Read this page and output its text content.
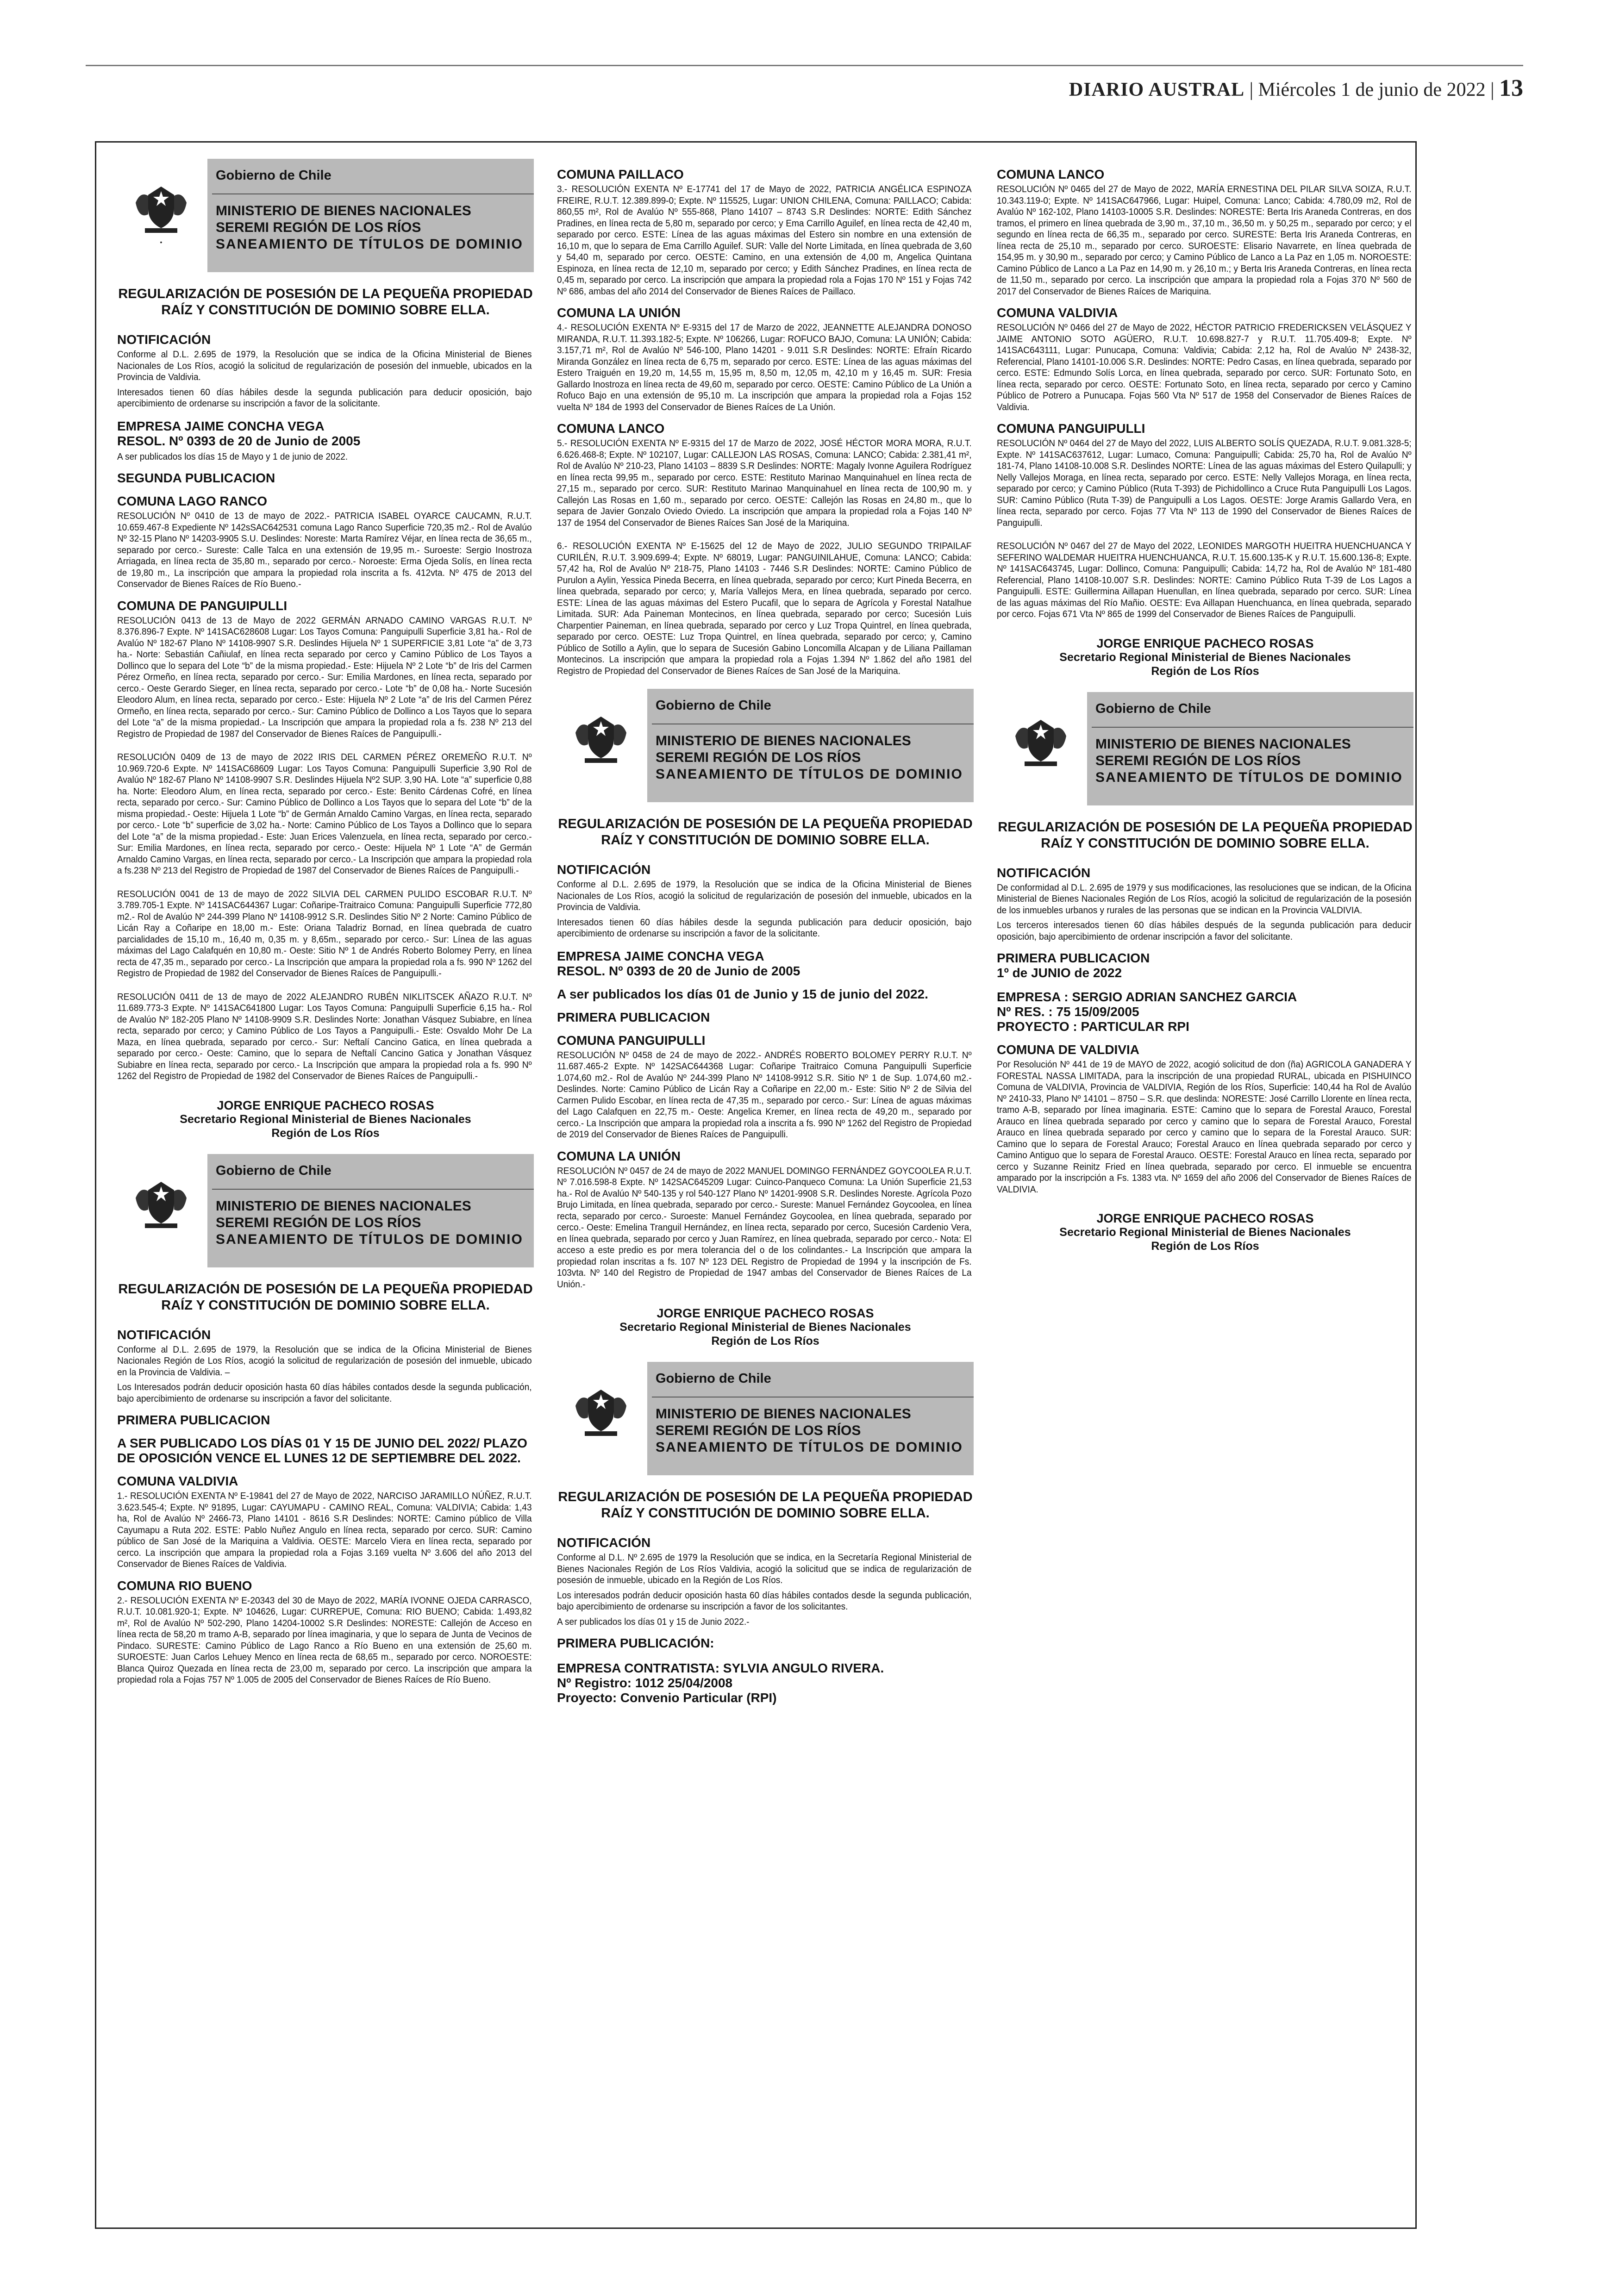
DIARIO AUSTRAL | Miércoles 1 de junio de 2022 | 13
•
Gobierno de Chile
MINISTERIO DE BIENES NACIONALES
SEREMI REGIÓN DE LOS RÍOS
SANEAMIENTO DE TÍTULOS DE DOMINIO
REGULARIZACIÓN DE POSESIÓN DE LA PEQUEÑA PROPIEDAD RAÍZ Y CONSTITUCIÓN DE DOMINIO SOBRE ELLA.
NOTIFICACIÓN
Conforme al D.L. 2.695 de 1979, la Resolución que se indica de la Oficina Ministerial de Bienes Nacionales de Los Ríos, acogió la solicitud de regularización de posesión del inmueble, ubicados en la Provincia de Valdivia.
Interesados tienen 60 días hábiles desde la segunda publicación para deducir oposición, bajo apercibimiento de ordenarse su inscripción a favor de la solicitante.
EMPRESA JAIME CONCHA VEGA
RESOL. Nº 0393 de 20 de Junio de 2005
A ser publicados los días 15 de Mayo y 1 de junio de 2022.
SEGUNDA PUBLICACION
COMUNA LAGO RANCO
RESOLUCIÓN Nº 0410 de 13 de mayo de 2022.- PATRICIA ISABEL OYARCE CAUCAMN, R.U.T. 10.659.467-8 Expediente Nº 142sSAC642531 comuna Lago Ranco Superficie 720,35 m2.- Rol de Avalúo Nº 32-15 Plano Nº 14203-9905 S.U. Deslindes: Noreste: Marta Ramírez Véjar, en línea recta de 36,65 m., separado por cerco.- Sureste: Calle Talca en una extensión de 19,95 m.- Suroeste: Sergio Inostroza Arriagada, en línea recta de 35,80 m., separado por cerco.- Noroeste: Erma Ojeda Solís, en línea recta de 19,80 m., La inscripción que ampara la propiedad rola inscrita a fs. 412vta. Nº 475 de 2013 del Conservador de Bienes Raíces de Río Bueno.-
COMUNA DE PANGUIPULLI
RESOLUCIÓN 0413 de 13 de Mayo de 2022 GERMÁN ARNADO CAMINO VARGAS R.U.T. Nº 8.376.896-7 Expte. Nº 141SAC628608 Lugar: Los Tayos Comuna: Panguipulli Superficie 3,81 ha.- Rol de Avalúo Nº 182-67 Plano Nº 14108-9907 S.R. Deslindes Hijuela Nº 1 SUPERFICIE 3,81 Lote “a” de 3,73 ha.- Norte: Sebastián Cañiulaf, en línea recta separado por cerco y Camino Público de Los Tayos a Dollinco que lo separa del Lote “b” de la misma propiedad.- Este: Hijuela Nº 2 Lote “b” de Iris del Carmen Pérez Ormeño, en línea recta, separado por cerco.- Sur: Emilia Mardones, en línea recta, separado por cerco.- Oeste Gerardo Sieger, en línea recta, separado por cerco.- Lote “b” de 0,08 ha.- Norte Sucesión Eleodoro Alum, en línea recta, separado por cerco.- Este: Hijuela Nº 2 Lote “a” de Iris del Carmen Pérez Ormeño, en línea recta, separado por cerco.- Sur: Camino Público de Dollinco a Los Tayos que lo separa del Lote “a” de la misma propiedad.- La Inscripción que ampara la propiedad rola a fs. 238 Nº 213 del Registro de Propiedad de 1987 del Conservador de Bienes Raíces de Panguipulli.-
RESOLUCIÓN 0409 de 13 de mayo de 2022 IRIS DEL CARMEN PÉREZ OREMEÑO R.U.T. Nº 10.969.720-6 Expte. Nº 141SAC68609 Lugar: Los Tayos Comuna: Panguipulli Superficie 3,90 Rol de Avalúo Nº 182-67 Plano Nº 14108-9907 S.R. Deslindes Hijuela Nº2 SUP. 3,90 HA. Lote “a” superficie 0,88 ha. Norte: Eleodoro Alum, en línea recta, separado por cerco.- Este: Benito Cárdenas Cofré, en línea recta, separado por cerco.- Sur: Camino Público de Dollinco a Los Tayos que lo separa del Lote “b” de la misma propiedad.- Oeste: Hijuela 1 Lote “b” de Germán Arnaldo Camino Vargas, en línea recta, separado por cerco.- Lote “b” superficie de 3,02 ha.- Norte: Camino Público de Los Tayos a Dollinco que lo separa del Lote “a” de la misma propiedad.- Este: Juan Erices Valenzuela, en línea recta, separado por cerco.- Sur: Emilia Mardones, en línea recta, separado por cerco.- Oeste: Hijuela Nº 1 Lote “A” de Germán Arnaldo Camino Vargas, en línea recta, separado por cerco.- La Inscripción que ampara la propiedad rola a fs.238 Nº 213 del Registro de Propiedad de 1987 del Conservador de Bienes Raíces de Panguipulli.-
RESOLUCIÓN 0041 de 13 de mayo de 2022 SILVIA DEL CARMEN PULIDO ESCOBAR R.U.T. Nº 3.789.705-1 Expte. Nº 141SAC644367 Lugar: Coñaripe-Traitraico Comuna: Panguipulli Superficie 772,80 m2.- Rol de Avalúo Nº 244-399 Plano Nº 14108-9912 S.R. Deslindes Sitio Nº 2 Norte: Camino Público de Licán Ray a Coñaripe en 18,00 m.- Este: Oriana Taladriz Bornad, en línea quebrada de cuatro parcialidades de 15,10 m., 16,40 m, 0,35 m. y 8,65m., separado por cerco.- Sur: Línea de las aguas máximas del Lago Calafquén en 10,80 m.- Oeste: Sitio Nº 1 de Andrés Roberto Bolomey Perry, en línea recta de 47,35 m., separado por cerco.- La Inscripción que ampara la propiedad rola a fs. 990 Nº 1262 del Registro de Propiedad de 1982 del Conservador de Bienes Raíces de Panguipulli.-
RESOLUCIÓN 0411 de 13 de mayo de 2022 ALEJANDRO RUBÉN NIKLITSCEK AÑAZO R.U.T. Nº 11.689.773-3 Expte. Nº 141SAC641800 Lugar: Los Tayos Comuna: Panguipulli Superficie 6,15 ha.- Rol de Avalúo Nº 182-205 Plano Nº 14108-9909 S.R. Deslindes Norte: Jonathan Vásquez Subiabre, en línea recta, separado por cerco; y Camino Público de Los Tayos a Panguipulli.- Este: Osvaldo Mohr De La Maza, en línea quebrada, separado por cerco.- Sur: Neftalí Cancino Gatica, en línea quebrada a separado por cerco.- Oeste: Camino, que lo separa de Neftalí Cancino Gatica y Jonathan Vásquez Subiabre en línea recta, separado por cerco.- La Inscripción que ampara la propiedad rola a fs. 990 Nº 1262 del Registro de Propiedad de 1982 del Conservador de Bienes Raíces de Panguipulli.-
JORGE ENRIQUE PACHECO ROSAS
Secretario Regional Ministerial de Bienes Nacionales
Región de Los Ríos
Gobierno de Chile
MINISTERIO DE BIENES NACIONALES
SEREMI REGIÓN DE LOS RÍOS
SANEAMIENTO DE TÍTULOS DE DOMINIO
REGULARIZACIÓN DE POSESIÓN DE LA PEQUEÑA PROPIEDAD RAÍZ Y CONSTITUCIÓN DE DOMINIO SOBRE ELLA.
NOTIFICACIÓN
Conforme al D.L. 2.695 de 1979, la Resolución que se indica de la Oficina Ministerial de Bienes Nacionales Región de Los Ríos, acogió la solicitud de regularización de posesión del inmueble, ubicado en la Provincia de Valdivia. –
Los Interesados podrán deducir oposición hasta 60 días hábiles contados desde la segunda publicación, bajo apercibimiento de ordenarse su inscripción a favor del solicitante.
PRIMERA PUBLICACION
A SER PUBLICADO LOS DÍAS 01 Y 15 DE JUNIO DEL 2022/ PLAZO DE OPOSICIÓN VENCE EL LUNES 12 DE SEPTIEMBRE DEL 2022.
COMUNA VALDIVIA
1.- RESOLUCIÓN EXENTA Nº E-19841 del 27 de Mayo de 2022, NARCISO JARAMILLO NÚÑEZ, R.U.T. 3.623.545-4; Expte. Nº 91895, Lugar: CAYUMAPU - CAMINO REAL, Comuna: VALDIVIA; Cabida: 1,43 ha, Rol de Avalúo Nº 2466-73, Plano 14101 - 8616 S.R Deslindes: NORTE: Camino público de Villa Cayumapu a Ruta 202. ESTE: Pablo Nuñez Angulo en línea recta, separado por cerco. SUR: Camino público de San José de la Mariquina a Valdivia. OESTE: Marcelo Viera en línea recta, separado por cerco. La inscripción que ampara la propiedad rola a Fojas 3.169 vuelta Nº 3.606 del año 2013 del Conservador de Bienes Raíces de Valdivia.
COMUNA RIO BUENO
2.- RESOLUCIÓN EXENTA Nº E-20343 del 30 de Mayo de 2022, MARÍA IVONNE OJEDA CARRASCO, R.U.T. 10.081.920-1; Expte. Nº 104626, Lugar: CURREPUE, Comuna: RIO BUENO; Cabida: 1.493,82 m², Rol de Avalúo Nº 502-290, Plano 14204-10002 S.R Deslindes: NORESTE: Callejón de Acceso en línea recta de 58,20 m tramo A-B, separado por línea imaginaria, y que lo separa de Junta de Vecinos de Pindaco. SURESTE: Camino Público de Lago Ranco a Río Bueno en una extensión de 25,60 m. SUROESTE: Juan Carlos Lehuey Menco en línea recta de 68,65 m., separado por cerco. NOROESTE: Blanca Quiroz Quezada en línea recta de 23,00 m, separado por cerco. La inscripción que ampara la propiedad rola a Fojas 757 Nº 1.005 de 2005 del Conservador de Bienes Raíces de Río Bueno.
COMUNA PAILLACO
3.- RESOLUCIÓN EXENTA Nº E-17741 del 17 de Mayo de 2022, PATRICIA ANGÉLICA ESPINOZA FREIRE, R.U.T. 12.389.899-0; Expte. Nº 115525, Lugar: UNION CHILENA, Comuna: PAILLACO; Cabida: 860,55 m², Rol de Avalúo Nº 555-868, Plano 14107 – 8743 S.R Deslindes: NORTE: Edith Sánchez Pradines, en línea recta de 5,80 m, separado por cerco; y Ema Carrillo Aguilef, en línea recta de 42,40 m, separado por cerco. ESTE: Línea de las aguas máximas del Estero sin nombre en una extensión de 16,10 m, que lo separa de Ema Carrillo Aguilef. SUR: Valle del Norte Limitada, en línea quebrada de 3,60 y 54,40 m, separado por cerco. OESTE: Camino, en una extensión de 4,00 m, Angelica Quintana Espinoza, en línea recta de 12,10 m, separado por cerco; y Edith Sánchez Pradines, en línea recta de 0,45 m, separado por cerco. La inscripción que ampara la propiedad rola a Fojas 170 Nº 151 y Fojas 742 Nº 686, ambas del año 2014 del Conservador de Bienes Raíces de Paillaco.
COMUNA LA UNIÓN
4.- RESOLUCIÓN EXENTA Nº E-9315 del 17 de Marzo de 2022, JEANNETTE ALEJANDRA DONOSO MIRANDA, R.U.T. 11.393.182-5; Expte. Nº 106266, Lugar: ROFUCO BAJO, Comuna: LA UNIÓN; Cabida: 3.157,71 m², Rol de Avalúo Nº 546-100, Plano 14201 - 9.011 S.R Deslindes: NORTE: Efraín Ricardo Miranda González en línea recta de 6,75 m, separado por cerco. ESTE: Línea de las aguas máximas del Estero Traiguén en 19,20 m, 14,55 m, 15,95 m, 8,50 m, 12,05 m, 42,10 m y 16,45 m. SUR: Fresia Gallardo Inostroza en línea recta de 49,60 m, separado por cerco. OESTE: Camino Público de La Unión a Rofuco Bajo en una extensión de 95,10 m. La inscripción que ampara la propiedad rola a Fojas 152 vuelta Nº 184 de 1993 del Conservador de Bienes Raíces de La Unión.
COMUNA LANCO
5.- RESOLUCIÓN EXENTA Nº E-9315 del 17 de Marzo de 2022, JOSÉ HÉCTOR MORA MORA, R.U.T. 6.626.468-8; Expte. Nº 102107, Lugar: CALLEJON LAS ROSAS, Comuna: LANCO; Cabida: 2.381,41 m², Rol de Avalúo Nº 210-23, Plano 14103 – 8839 S.R Deslindes: NORTE: Magaly Ivonne Aguilera Rodríguez en línea recta 99,95 m., separado por cerco. ESTE: Restituto Marinao Manquinahuel en línea recta de 27,15 m., separado por cerco. SUR: Restituto Marinao Manquinahuel en línea recta de 100,90 m. y Callejón Las Rosas en 1,60 m., separado por cerco. OESTE: Callejón las Rosas en 24,80 m., que lo separa de Javier Gonzalo Oviedo Oviedo. La inscripción que ampara la propiedad rola a Fojas 140 Nº 137 de 1954 del Conservador de Bienes Raíces San José de la Mariquina.
6.- RESOLUCIÓN EXENTA Nº E-15625 del 12 de Mayo de 2022, JULIO SEGUNDO TRIPAILAF CURILÉN, R.U.T. 3.909.699-4; Expte. Nº 68019, Lugar: PANGUINILAHUE, Comuna: LANCO; Cabida: 57,42 ha, Rol de Avalúo Nº 218-75, Plano 14103 - 7446 S.R Deslindes: NORTE: Camino Público de Purulon a Aylin, Yessica Pineda Becerra, en línea quebrada, separado por cerco; Kurt Pineda Becerra, en línea quebrada, separado por cerco; y, María Vallejos Mera, en línea quebrada, separado por cerco. ESTE: Línea de las aguas máximas del Estero Pucafil, que lo separa de Agrícola y Forestal Natalhue Limitada. SUR: Ada Paineman Montecinos, en línea quebrada, separado por cerco; Sucesión Luis Charpentier Paineman, en línea quebrada, separado por cerco y Luz Tropa Quintrel, en línea quebrada, separado por cerco. OESTE: Luz Tropa Quintrel, en línea quebrada, separado por cerco; y, Camino Público de Sotillo a Aylin, que lo separa de Sucesión Gabino Loncomilla Alcapan y de Liliana Paillaman Montecinos. La inscripción que ampara la propiedad rola a Fojas 1.394 Nº 1.862 del año 1981 del Registro de Propiedad del Conservador de Bienes Raíces de San José de la Mariquina.
Gobierno de Chile
MINISTERIO DE BIENES NACIONALES
SEREMI REGIÓN DE LOS RÍOS
SANEAMIENTO DE TÍTULOS DE DOMINIO
REGULARIZACIÓN DE POSESIÓN DE LA PEQUEÑA PROPIEDAD RAÍZ Y CONSTITUCIÓN DE DOMINIO SOBRE ELLA.
NOTIFICACIÓN
Conforme al D.L. 2.695 de 1979, la Resolución que se indica de la Oficina Ministerial de Bienes Nacionales de Los Ríos, acogió la solicitud de regularización de posesión del inmueble, ubicados en la Provincia de Valdivia.
Interesados tienen 60 días hábiles desde la segunda publicación para deducir oposición, bajo apercibimiento de ordenarse su inscripción a favor de la solicitante.
EMPRESA JAIME CONCHA VEGA
RESOL. Nº 0393 de 20 de Junio de 2005
A ser publicados los días 01 de Junio y 15 de junio del 2022.
PRIMERA PUBLICACION
COMUNA PANGUIPULLI
RESOLUCIÓN Nº 0458 de 24 de mayo de 2022.- ANDRÉS ROBERTO BOLOMEY PERRY R.U.T. Nº 11.687.465-2 Expte. Nº 142SAC644368 Lugar: Coñaripe Traitraico Comuna Panguipulli Superficie 1.074,60 m2.- Rol de Avalúo Nº 244-399 Plano Nº 14108-9912 S.R. Sitio Nº 1 de Sup. 1.074,60 m2.- Deslindes. Norte: Camino Público de Licán Ray a Coñaripe en 22,00 m.- Este: Sitio Nº 2 de Silvia del Carmen Pulido Escobar, en línea recta de 47,35 m., separado por cerco.- Sur: Línea de aguas máximas del Lago Calafquen en 22,75 m.- Oeste: Angelica Kremer, en línea recta de 49,20 m., separado por cerco.- La Inscripción que ampara la propiedad rola a inscrita a fs. 990 Nº 1262 del Registro de Propiedad de 2019 del Conservador de Bienes Raíces de Panguipulli.
COMUNA LA UNIÓN
RESOLUCIÓN Nº 0457 de 24 de mayo de 2022 MANUEL DOMINGO FERNÁNDEZ GOYCOOLEA R.U.T. Nº 7.016.598-8 Expte. Nº 142SAC645209 Lugar: Cuinco-Panqueco Comuna: La Unión Superficie 21,53 ha.- Rol de Avalúo Nº 540-135 y rol 540-127 Plano Nº 14201-9908 S.R. Deslindes Noreste. Agrícola Pozo Brujo Limitada, en línea quebrada, separado por cerco.- Sureste: Manuel Fernández Goycoolea, en línea recta, separado por cerco.- Suroeste: Manuel Fernández Goycoolea, en línea quebrada, separado por cerco.- Oeste: Emelina Tranguil Hernández, en línea recta, separado por cerco, Sucesión Cardenio Vera, en línea quebrada, separado por cerco y Juan Ramírez, en línea quebrada, separado por cerco.- Nota: El acceso a este predio es por mera tolerancia del o de los colindantes.- La Inscripción que ampara la propiedad rolan inscritas a fs. 107 Nº 123 DEL Registro de Propiedad de 1994 y la inscripción de Fs. 103vta. Nº 140 del Registro de Propiedad de 1947 ambas del Conservador de Bienes Raíces de La Unión.-
JORGE ENRIQUE PACHECO ROSAS
Secretario Regional Ministerial de Bienes Nacionales
Región de Los Ríos
Gobierno de Chile
MINISTERIO DE BIENES NACIONALES
SEREMI REGIÓN DE LOS RÍOS
SANEAMIENTO DE TÍTULOS DE DOMINIO
REGULARIZACIÓN DE POSESIÓN DE LA PEQUEÑA PROPIEDAD RAÍZ Y CONSTITUCIÓN DE DOMINIO SOBRE ELLA.
NOTIFICACIÓN
Conforme al D.L. Nº 2.695 de 1979 la Resolución que se indica, en la Secretaría Regional Ministerial de Bienes Nacionales Región de Los Ríos Valdivia, acogió la solicitud que se indica de regularización de posesión de inmueble, ubicado en la Región de Los Ríos.
Los interesados podrán deducir oposición hasta 60 días hábiles contados desde la segunda publicación, bajo apercibimiento de ordenarse su inscripción a favor de los solicitantes.
A ser publicados los días 01 y 15 de Junio 2022.-
PRIMERA PUBLICACIÓN:
EMPRESA CONTRATISTA: SYLVIA ANGULO RIVERA.
Nº Registro: 1012 25/04/2008
Proyecto: Convenio Particular (RPI)
COMUNA LANCO
RESOLUCIÓN Nº 0465 del 27 de Mayo de 2022, MARÍA ERNESTINA DEL PILAR SILVA SOIZA, R.U.T. 10.343.119-0; Expte. Nº 141SAC647966, Lugar: Huipel, Comuna: Lanco; Cabida: 4.780,09 m2, Rol de Avalúo Nº 162-102, Plano 14103-10005 S.R. Deslindes: NORESTE: Berta Iris Araneda Contreras, en dos tramos, el primero en línea quebrada de 3,90 m., 37,10 m., 36,50 m. y 50,25 m., separado por cerco; y el segundo en línea recta de 66,35 m., separado por cerco. SURESTE: Berta Iris Araneda Contreras, en línea recta de 25,10 m., separado por cerco. SUROESTE: Elisario Navarrete, en línea quebrada de 154,95 m. y 30,90 m., separado por cerco; y Camino Público de Lanco a La Paz en 1,05 m. NOROESTE: Camino Público de Lanco a La Paz en 14,90 m. y 26,10 m.; y Berta Iris Araneda Contreras, en línea recta de 11,50 m., separado por cerco. La inscripción que ampara la propiedad rola a Fojas 370 Nº 560 de 2017 del Conservador de Bienes Raíces de Mariquina.
COMUNA VALDIVIA
RESOLUCIÓN Nº 0466 del 27 de Mayo de 2022, HÉCTOR PATRICIO FREDERICKSEN VELÁSQUEZ Y JAIME ANTONIO SOTO AGÜERO, R.U.T. 10.698.827-7 y R.U.T. 11.705.409-8; Expte. Nº 141SAC643111, Lugar: Punucapa, Comuna: Valdivia; Cabida: 2,12 ha, Rol de Avalúo Nº 2438-32, Referencial, Plano 14101-10.006 S.R. Deslindes: NORTE: Pedro Casas, en línea quebrada, separado por cerco. ESTE: Edmundo Solís Lorca, en línea quebrada, separado por cerco. SUR: Fortunato Soto, en línea recta, separado por cerco. OESTE: Fortunato Soto, en línea recta, separado por cerco y Camino Público de Potrero a Punucapa. Fojas 560 Vta Nº 517 de 1958 del Conservador de Bienes Raíces de Valdivia.
COMUNA PANGUIPULLI
RESOLUCIÓN Nº 0464 del 27 de Mayo del 2022, LUIS ALBERTO SOLÍS QUEZADA, R.U.T. 9.081.328-5; Expte. Nº 141SAC637612, Lugar: Lumaco, Comuna: Panguipulli; Cabida: 25,70 ha, Rol de Avalúo Nº 181-74, Plano 14108-10.008 S.R. Deslindes NORTE: Línea de las aguas máximas del Estero Quilapulli; y Nelly Vallejos Moraga, en línea recta, separado por cerco. ESTE: Nelly Vallejos Moraga, en línea recta, separado por cerco; y Camino Público (Ruta T-393) de Pichidollinco a Cruce Ruta Panguipulli Los Lagos. SUR: Camino Público (Ruta T-39) de Panguipulli a Los Lagos. OESTE: Jorge Aramis Gallardo Vera, en línea recta, separado por cerco. Fojas 77 Vta Nº 113 de 1990 del Conservador de Bienes Raíces de Panguipulli.
RESOLUCIÓN Nº 0467 del 27 de Mayo del 2022, LEONIDES MARGOTH HUEITRA HUENCHUANCA Y SEFERINO WALDEMAR HUEITRA HUENCHUANCA, R.U.T. 15.600.135-K y R.U.T. 15.600.136-8; Expte. Nº 141SAC643745, Lugar: Dollinco, Comuna: Panguipulli; Cabida: 14,72 ha, Rol de Avalúo Nº 181-480 Referencial, Plano 14108-10.007 S.R. Deslindes: NORTE: Camino Público Ruta T-39 de Los Lagos a Panguipulli. ESTE: Guillermina Aillapan Huenullan, en línea quebrada, separado por cerco. SUR: Línea de las aguas máximas del Río Mañio. OESTE: Eva Aillapan Huenchuanca, en línea quebrada, separado por cerco. Fojas 671 Vta Nº 865 de 1999 del Conservador de Bienes Raíces de Panguipulli.
JORGE ENRIQUE PACHECO ROSAS
Secretario Regional Ministerial de Bienes Nacionales
Región de Los Ríos
Gobierno de Chile
MINISTERIO DE BIENES NACIONALES
SEREMI REGIÓN DE LOS RÍOS
SANEAMIENTO DE TÍTULOS DE DOMINIO
REGULARIZACIÓN DE POSESIÓN DE LA PEQUEÑA PROPIEDAD RAÍZ Y CONSTITUCIÓN DE DOMINIO SOBRE ELLA.
NOTIFICACIÓN
De conformidad al D.L. 2.695 de 1979 y sus modificaciones, las resoluciones que se indican, de la Oficina Ministerial de Bienes Nacionales Región de Los Ríos, acogió la solicitud de regularización de la posesión de los inmuebles urbanos y rurales de las personas que se indican en la Provincia VALDIVIA.
Los terceros interesados tienen 60 días hábiles después de la segunda publicación para deducir oposición, bajo apercibimiento de ordenar inscripción a favor del solicitante.
PRIMERA PUBLICACION
1º de JUNIO de 2022
EMPRESA : SERGIO ADRIAN SANCHEZ GARCIA
Nº RES. : 75 15/09/2005
PROYECTO : PARTICULAR RPI
COMUNA DE VALDIVIA
Por Resolución Nº 441 de 19 de MAYO de 2022, acogió solicitud de don (ña) AGRICOLA GANADERA Y FORESTAL NASSA LIMITADA, para la inscripción de una propiedad RURAL, ubicada en PISHUINCO Comuna de VALDIVIA, Provincia de VALDIVIA, Región de los Ríos, Superficie: 140,44 ha Rol de Avalúo Nº 2410-33, Plano Nº 14101 – 8750 – S.R. que deslinda: NORESTE: José Carrillo Llorente en línea recta, tramo A-B, separado por línea imaginaria. ESTE: Camino que lo separa de Forestal Arauco, Forestal Arauco en línea quebrada separado por cerco y camino que lo separa de Forestal Arauco, Forestal Arauco en línea quebrada separado por cerco y camino que lo separa de la Forestal Arauco. SUR: Camino que lo separa de Forestal Arauco; Forestal Arauco en línea quebrada separado por cerco y Camino Antiguo que lo separa de Forestal Arauco. OESTE: Forestal Arauco en línea recta, separado por cerco y Suzanne Reinitz Fried en línea quebrada, separado por cerco. El inmueble se encuentra amparado por la inscripción a Fs. 1383 vta. Nº 1659 del año 2006 del Conservador de Bienes Raíces de VALDIVIA.
JORGE ENRIQUE PACHECO ROSAS
Secretario Regional Ministerial de Bienes Nacionales
Región de Los Ríos
